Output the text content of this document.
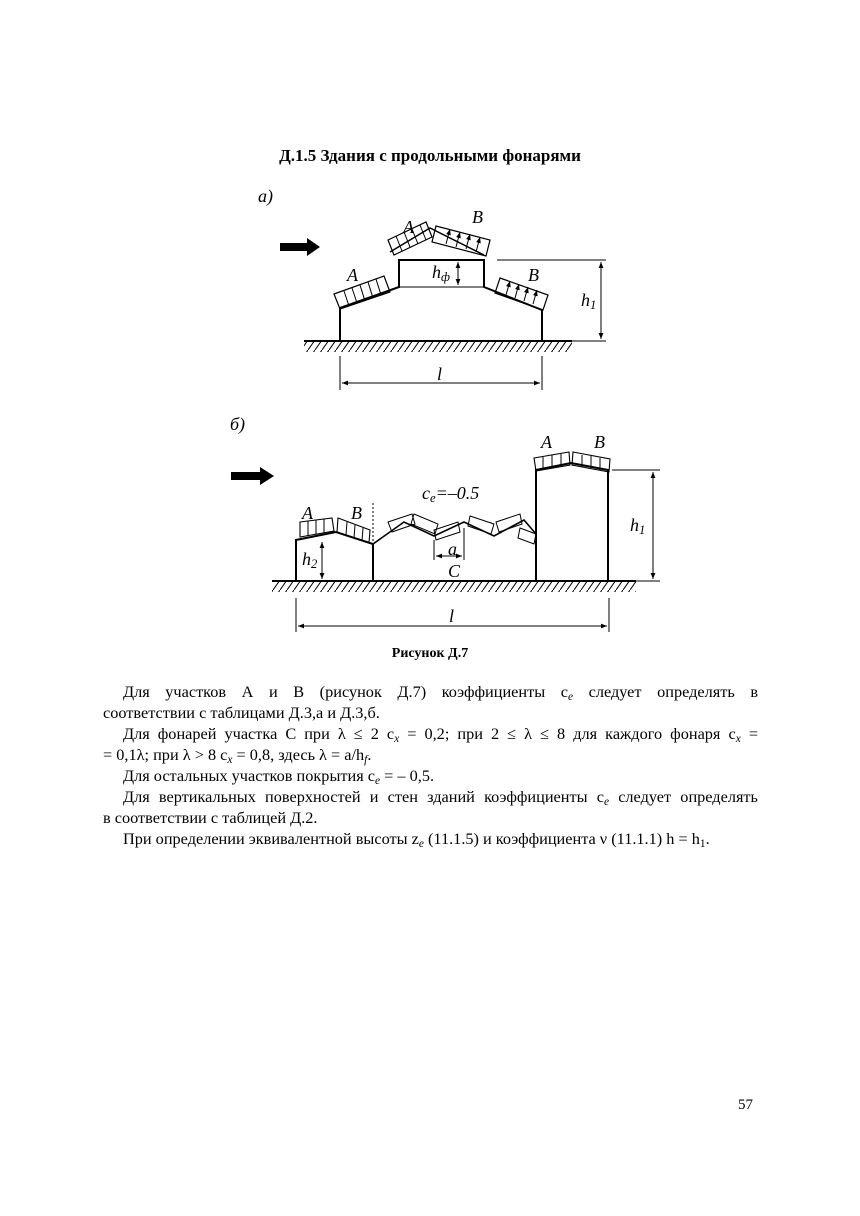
Д.1.5 Здания с продольными фонарями
а)
A	B
A	B
$h_ф$
$h_1$
l
б)
A B
A B
$c_e=-0.5$
a
C
$h_1$
$h_2$
l
Рисунок Д.7
Для участков А и В (рисунок Д.7) коэффициенты $c_e$ следует определять в
соответствии с таблицами Д.3,а и Д.3,б.
Для фонарей участка C при λ ≤ 2 $c_x = 0,2$; при 2 ≤ λ ≤ 8 для каждого фонаря $c_x$ =
= 0,1λ; при λ > 8 $c_x = 0,8$, здесь $\lambda = a/h_f$.
Для остальных участков покрытия $c_e$ = – 0,5.
Для вертикальных поверхностей и стен зданий коэффициенты $c_e$ следует определять
в соответствии с таблицей Д.2.
При определении эквивалентной высоты $z_e$ (11.1.5) и коэффициента ν (11.1.1) $h = h_1$.
57
